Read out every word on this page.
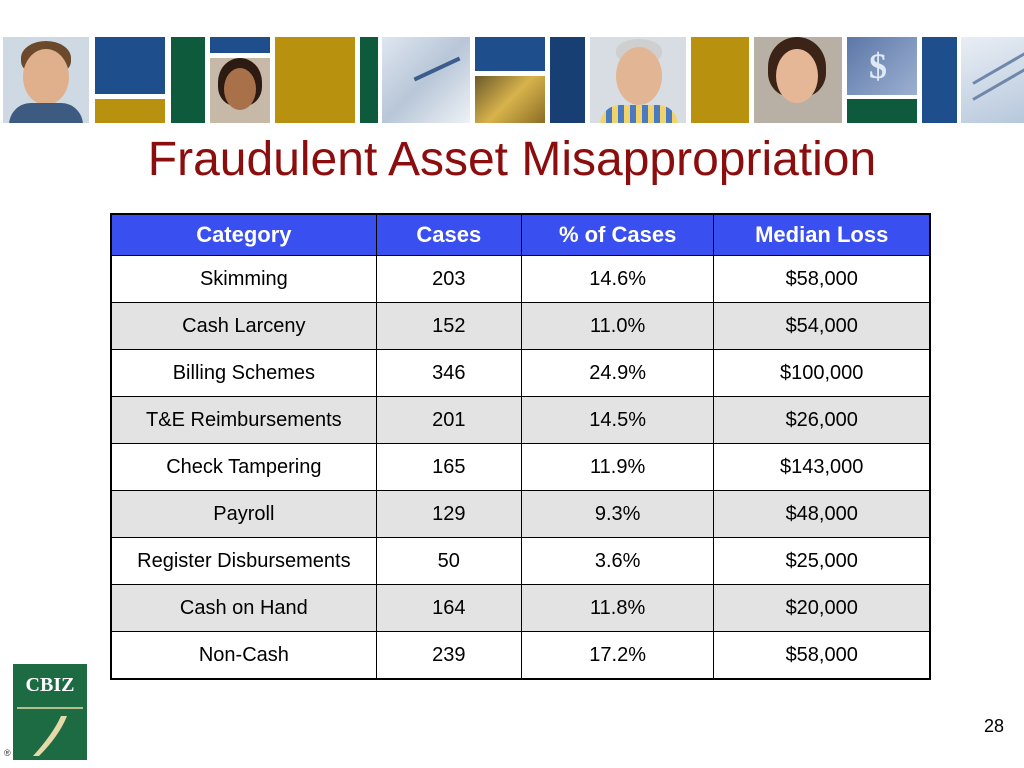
$
Fraudulent Asset Misappropriation
Category	Cases	% of Cases	Median Loss
Skimming	203	14.6%	$58,000
Cash Larceny	152	11.0%	$54,000
Billing Schemes	346	24.9%	$100,000
T&E Reimbursements	201	14.5%	$26,000
Check Tampering	165	11.9%	$143,000
Payroll	129	9.3%	$48,000
Register Disbursements	50	3.6%	$25,000
Cash on Hand	164	11.8%	$20,000
Non-Cash	239	17.2%	$58,000
CBIZ
®
28
